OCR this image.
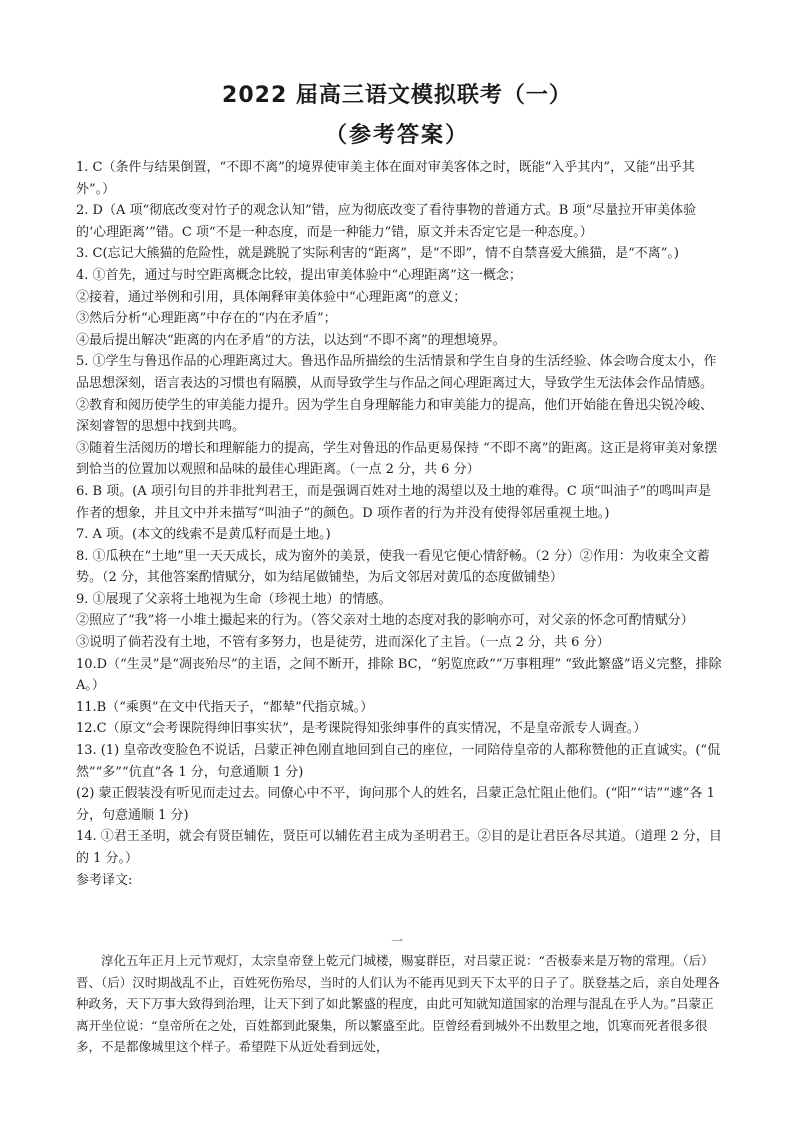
2022 届高三语文模拟联考（一）
（参考答案）

1. C（条件与结果倒置，“不即不离”的境界使审美主体在面对审美客体之时，既能“入乎其内”，又能“出乎其外”。）

2. D（A 项“彻底改变对竹子的观念认知”错，应为彻底改变了看待事物的普通方式。B 项“尽量拉开审美体验的‘心理距离’”错。C 项“不是一种态度，而是一种能力”错，原文并未否定它是一种态度。）

3. C(忘记大熊猫的危险性，就是跳脱了实际利害的“距离”，是“不即”，情不自禁喜爱大熊猫，是“不离”。)

4. ①首先，通过与时空距离概念比较，提出审美体验中“心理距离”这一概念；

②接着，通过举例和引用，具体阐释审美体验中“心理距离”的意义；

③然后分析“心理距离”中存在的“内在矛盾”；

④最后提出解决“距离的内在矛盾”的方法，以达到“不即不离”的理想境界。

5. ①学生与鲁迅作品的心理距离过大。鲁迅作品所描绘的生活情景和学生自身的生活经验、体会吻合度太小，作品思想深刻，语言表达的习惯也有隔膜，从而导致学生与作品之间心理距离过大，导致学生无法体会作品情感。

②教育和阅历使学生的审美能力提升。因为学生自身理解能力和审美能力的提高，他们开始能在鲁迅尖锐冷峻、深刻睿智的思想中找到共鸣。

③随着生活阅历的增长和理解能力的提高，学生对鲁迅的作品更易保持 “不即不离”的距离。这正是将审美对象摆到恰当的位置加以观照和品味的最佳心理距离。（一点 2 分，共 6 分）

6. B 项。(A 项引句目的并非批判君王，而是强调百姓对土地的渴望以及土地的难得。C 项“叫油子”的鸣叫声是作者的想象，并且文中并未描写“叫油子”的颜色。D 项作者的行为并没有使得邻居重视土地。)

7. A 项。(本文的线索不是黄瓜籽而是土地。)

8. ①瓜秧在“土地”里一天天成长，成为窗外的美景，使我一看见它便心情舒畅。（2 分）②作用：为收束全文蓄势。（2 分，其他答案酌情赋分，如为结尾做铺垫，为后文邻居对黄瓜的态度做铺垫）

9. ①展现了父亲将土地视为生命（珍视土地）的情感。

②照应了“我”将一小堆土撮起来的行为。（答父亲对土地的态度对我的影响亦可，对父亲的怀念可酌情赋分）

③说明了倘若没有土地，不管有多努力，也是徒劳，进而深化了主旨。（一点 2 分，共 6 分）

10.D（“生灵”是“凋丧殆尽”的主语，之间不断开，排除 BC，“躬览庶政”“万事粗理” “致此繁盛”语义完整，排除 A。）

11.B（“乘舆”在文中代指天子，“都辇”代指京城。）

12.C（原文“会考课院得绅旧事实状”，是考课院得知张绅事件的真实情况，不是皇帝派专人调查。）

13. (1) 皇帝改变脸色不说话，吕蒙正神色刚直地回到自己的座位，一同陪侍皇帝的人都称赞他的正直诚实。(“侃然”“多”“伉直”各 1 分，句意通顺 1 分)

(2) 蒙正假装没有听见而走过去。同僚心中不平，询问那个人的姓名，吕蒙正急忙阻止他们。(“阳”“诘”“遽”各 1 分，句意通顺 1 分)

14. ①君王圣明，就会有贤臣辅佐，贤臣可以辅佐君主成为圣明君王。②目的是让君臣各尽其道。（道理 2 分，目的 1 分。）

参考译文:

一

淳化五年正月上元节观灯，太宗皇帝登上乾元门城楼，赐宴群臣，对吕蒙正说：“否极泰来是万物的常理。（后）晋、（后）汉时期战乱不止，百姓死伤殆尽，当时的人们认为不能再见到天下太平的日子了。朕登基之后，亲自处理各种政务，天下万事大致得到治理，让天下到了如此繁盛的程度，由此可知就知道国家的治理与混乱在乎人为。”吕蒙正离开坐位说：“皇帝所在之处，百姓都到此聚集，所以繁盛至此。臣曾经看到城外不出数里之地，饥寒而死者很多很多，不是都像城里这个样子。希望陛下从近处看到远处，
